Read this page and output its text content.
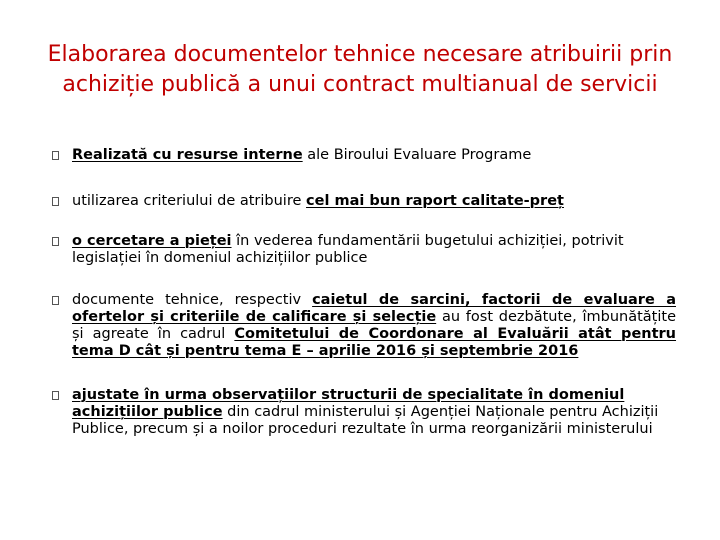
Elaborarea documentelor tehnice necesare atribuirii prin achiziție publică a unui contract multianual de servicii
Realizată cu resurse interne ale Biroului Evaluare Programe
utilizarea criteriului de atribuire cel mai bun raport calitate-preț
o cercetare a pieței în vederea fundamentării bugetului achiziției, potrivit legislației în domeniul achizițiilor publice
documente tehnice, respectiv caietul de sarcini, factorii de evaluare a ofertelor și criteriile de calificare și selecție au fost dezbătute, îmbunătățite și agreate în cadrul Comitetului de Coordonare al Evaluării atât pentru tema D cât și pentru tema E – aprilie 2016 și septembrie 2016
ajustate în urma observațiilor structurii de specialitate în domeniul achizițiilor publice din cadrul ministerului și Agenției Naționale pentru Achiziții Publice, precum și a noilor proceduri rezultate în urma reorganizării ministerului
